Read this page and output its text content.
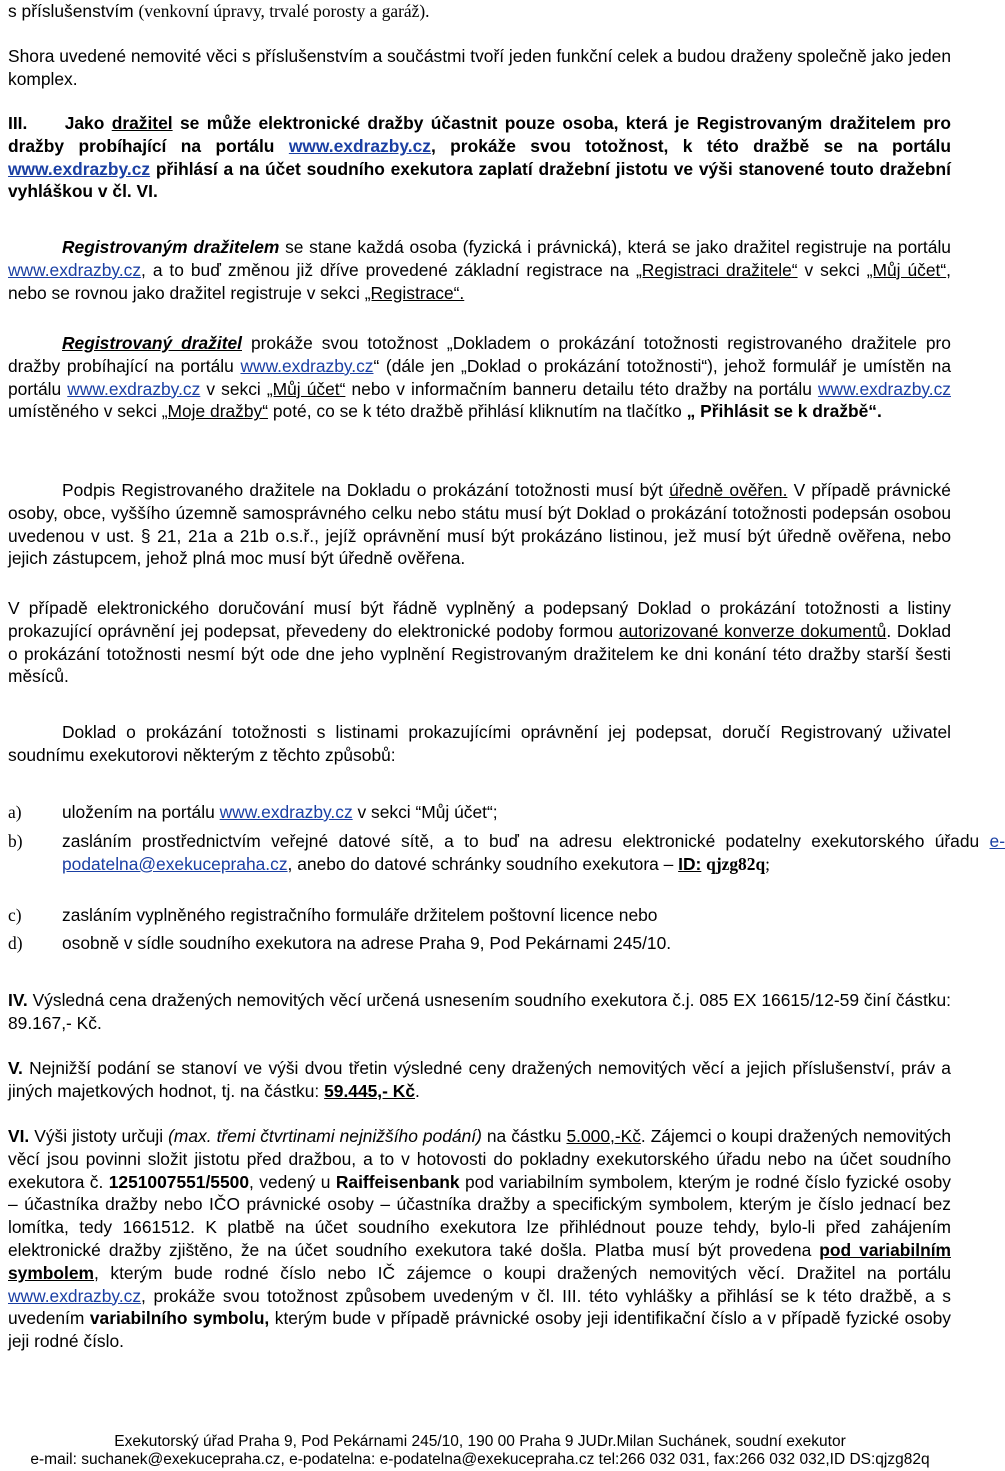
s příslušenstvím (venkovní úpravy, trvalé porosty a garáž).

Shora uvedené nemovité věci s příslušenstvím a součástmi tvoří jeden funkční celek a budou draženy společně jako jeden komplex.

III. Jako dražitel se může elektronické dražby účastnit pouze osoba, která je Registrovaným dražitelem pro dražby probíhající na portálu www.exdrazby.cz, prokáže svou totožnost, k této dražbě se na portálu www.exdrazby.cz přihlásí a na účet soudního exekutora zaplatí dražební jistotu ve výši stanovené touto dražební vyhláškou v čl. VI.

Registrovaným dražitelem se stane každá osoba (fyzická i právnická), která se jako dražitel registruje na portálu www.exdrazby.cz, a to buď změnou již dříve provedené základní registrace na „Registraci dražitele“ v sekci „Můj účet“, nebo se rovnou jako dražitel registruje v sekci „Registrace“.

Registrovaný dražitel prokáže svou totožnost „Dokladem o prokázání totožnosti registrovaného dražitele pro dražby probíhající na portálu www.exdrazby.cz“ (dále jen „Doklad o prokázání totožnosti“), jehož formulář je umístěn na portálu www.exdrazby.cz v sekci „Můj účet“ nebo v informačním banneru detailu této dražby na portálu www.exdrazby.cz umístěného v sekci „Moje dražby“ poté, co se k této dražbě přihlásí kliknutím na tlačítko „ Přihlásit se k dražbě“.

Podpis Registrovaného dražitele na Dokladu o prokázání totožnosti musí být úředně ověřen. V případě právnické osoby, obce, vyššího územně samosprávného celku nebo státu musí být Doklad o prokázání totožnosti podepsán osobou uvedenou v ust. § 21, 21a a 21b o.s.ř., jejíž oprávnění musí být prokázáno listinou, jež musí být úředně ověřena, nebo jejich zástupcem, jehož plná moc musí být úředně ověřena.

V případě elektronického doručování musí být řádně vyplněný a podepsaný Doklad o prokázání totožnosti a listiny prokazující oprávnění jej podepsat, převedeny do elektronické podoby formou autorizované konverze dokumentů. Doklad o prokázání totožnosti nesmí být ode dne jeho vyplnění Registrovaným dražitelem ke dni konání této dražby starší šesti měsíců.

Doklad o prokázání totožnosti s listinami prokazujícími oprávnění jej podepsat, doručí Registrovaný uživatel soudnímu exekutorovi některým z těchto způsobů:

a) uložením na portálu www.exdrazby.cz v sekci “Můj účet“;
b) zasláním prostřednictvím veřejné datové sítě, a to buď na adresu elektronické podatelny exekutorského úřadu e-podatelna@exekucepraha.cz, anebo do datové schránky soudního exekutora – ID: qjzg82q;
c) zasláním vyplněného registračního formuláře držitelem poštovní licence nebo
d) osobně v sídle soudního exekutora na adrese Praha 9, Pod Pekárnami 245/10.

IV. Výsledná cena dražených nemovitých věcí určená usnesením soudního exekutora č.j. 085 EX 16615/12-59 činí částku: 89.167,- Kč.

V. Nejnižší podání se stanoví ve výši dvou třetin výsledné ceny dražených nemovitých věcí a jejich příslušenství, práv a jiných majetkových hodnot, tj. na částku: 59.445,- Kč.

VI. Výši jistoty určuji (max. třemi čtvrtinami nejnižšího podání) na částku 5.000,-Kč. Zájemci o koupi dražených nemovitých věcí jsou povinni složit jistotu před dražbou, a to v hotovosti do pokladny exekutorského úřadu nebo na účet soudního exekutora č. 1251007551/5500, vedený u Raiffeisenbank pod variabilním symbolem, kterým je rodné číslo fyzické osoby – účastníka dražby nebo IČO právnické osoby – účastníka dražby a specifickým symbolem, kterým je číslo jednací bez lomítka, tedy 1661512. K platbě na účet soudního exekutora lze přihlédnout pouze tehdy, bylo-li před zahájením elektronické dražby zjištěno, že na účet soudního exekutora také došla. Platba musí být provedena pod variabilním symbolem, kterým bude rodné číslo nebo IČ zájemce o koupi dražených nemovitých věcí. Dražitel na portálu www.exdrazby.cz, prokáže svou totožnost způsobem uvedeným v čl. III. této vyhlášky a přihlásí se k této dražbě, a s uvedením variabilního symbolu, kterým bude v případě právnické osoby jeji identifikační číslo a v případě fyzické osoby jeji rodné číslo.

Exekutorský úřad Praha 9, Pod Pekárnami 245/10, 190 00 Praha 9 JUDr.Milan Suchánek, soudní exekutor
e-mail: suchanek@exekucepraha.cz, e-podatelna: e-podatelna@exekucepraha.cz tel:266 032 031, fax:266 032 032,ID DS:qjzg82q
